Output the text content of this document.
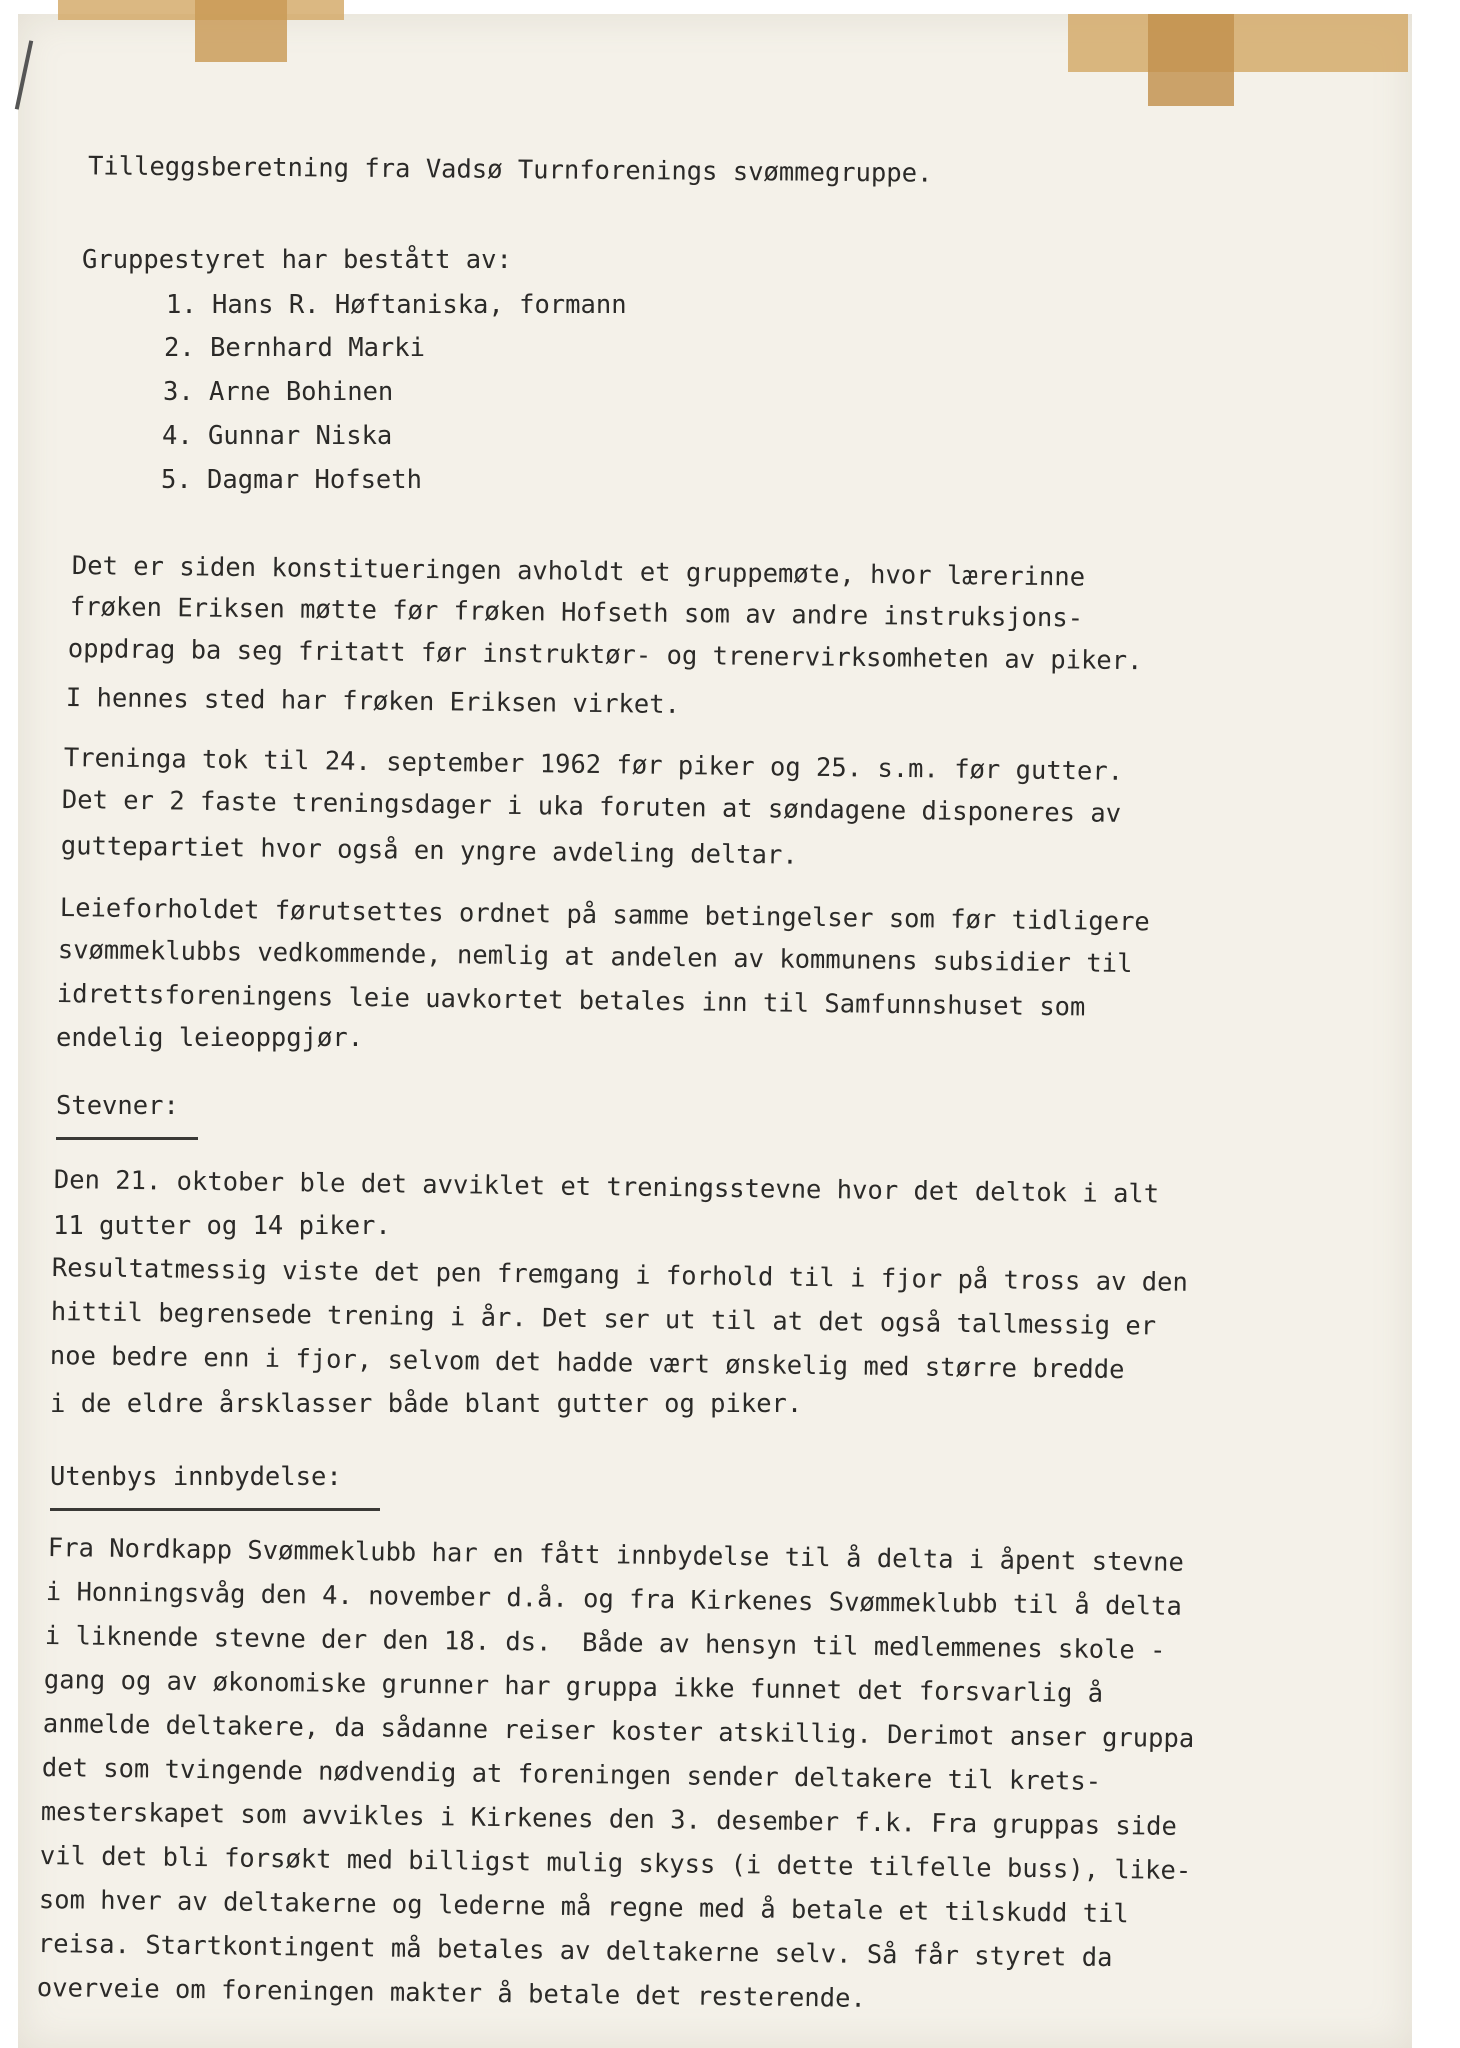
Tilleggsberetning fra Vadsø Turnforenings svømmegruppe.

Gruppestyret har bestått av:

1. Hans R. Høftaniska, formann

2. Bernhard Marki

3. Arne Bohinen

4. Gunnar Niska

5. Dagmar Hofseth

Det er siden konstitueringen avholdt et gruppemøte, hvor lærerinne

frøken Eriksen møtte før frøken Hofseth som av andre instruksjons-

oppdrag ba seg fritatt før instruktør- og trenervirksomheten av piker.

I hennes sted har frøken Eriksen virket.

Treninga tok til 24. september 1962 før piker og 25. s.m. før gutter.

Det er 2 faste treningsdager i uka foruten at søndagene disponeres av

guttepartiet hvor også en yngre avdeling deltar.

Leieforholdet førutsettes ordnet på samme betingelser som før tidligere

svømmeklubbs vedkommende, nemlig at andelen av kommunens subsidier til

idrettsforeningens leie uavkortet betales inn til Samfunnshuset som

endelig leieoppgjør.

Stevner:

Den 21. oktober ble det avviklet et treningsstevne hvor det deltok i alt

11 gutter og 14 piker.

Resultatmessig viste det pen fremgang i forhold til i fjor på tross av den

hittil begrensede trening i år. Det ser ut til at det også tallmessig er

noe bedre enn i fjor, selvom det hadde vært ønskelig med større bredde

i de eldre årsklasser både blant gutter og piker.

Utenbys innbydelse:

Fra Nordkapp Svømmeklubb har en fått innbydelse til å delta i åpent stevne

i Honningsvåg den 4. november d.å. og fra Kirkenes Svømmeklubb til å delta

i liknende stevne der den 18. ds.  Både av hensyn til medlemmenes skole -

gang og av økonomiske grunner har gruppa ikke funnet det forsvarlig å

anmelde deltakere, da sådanne reiser koster atskillig. Derimot anser gruppa

det som tvingende nødvendig at foreningen sender deltakere til krets-

mesterskapet som avvikles i Kirkenes den 3. desember f.k. Fra gruppas side

vil det bli forsøkt med billigst mulig skyss (i dette tilfelle buss), like-

som hver av deltakerne og lederne må regne med å betale et tilskudd til

reisa. Startkontingent må betales av deltakerne selv. Så får styret da

overveie om foreningen makter å betale det resterende.
